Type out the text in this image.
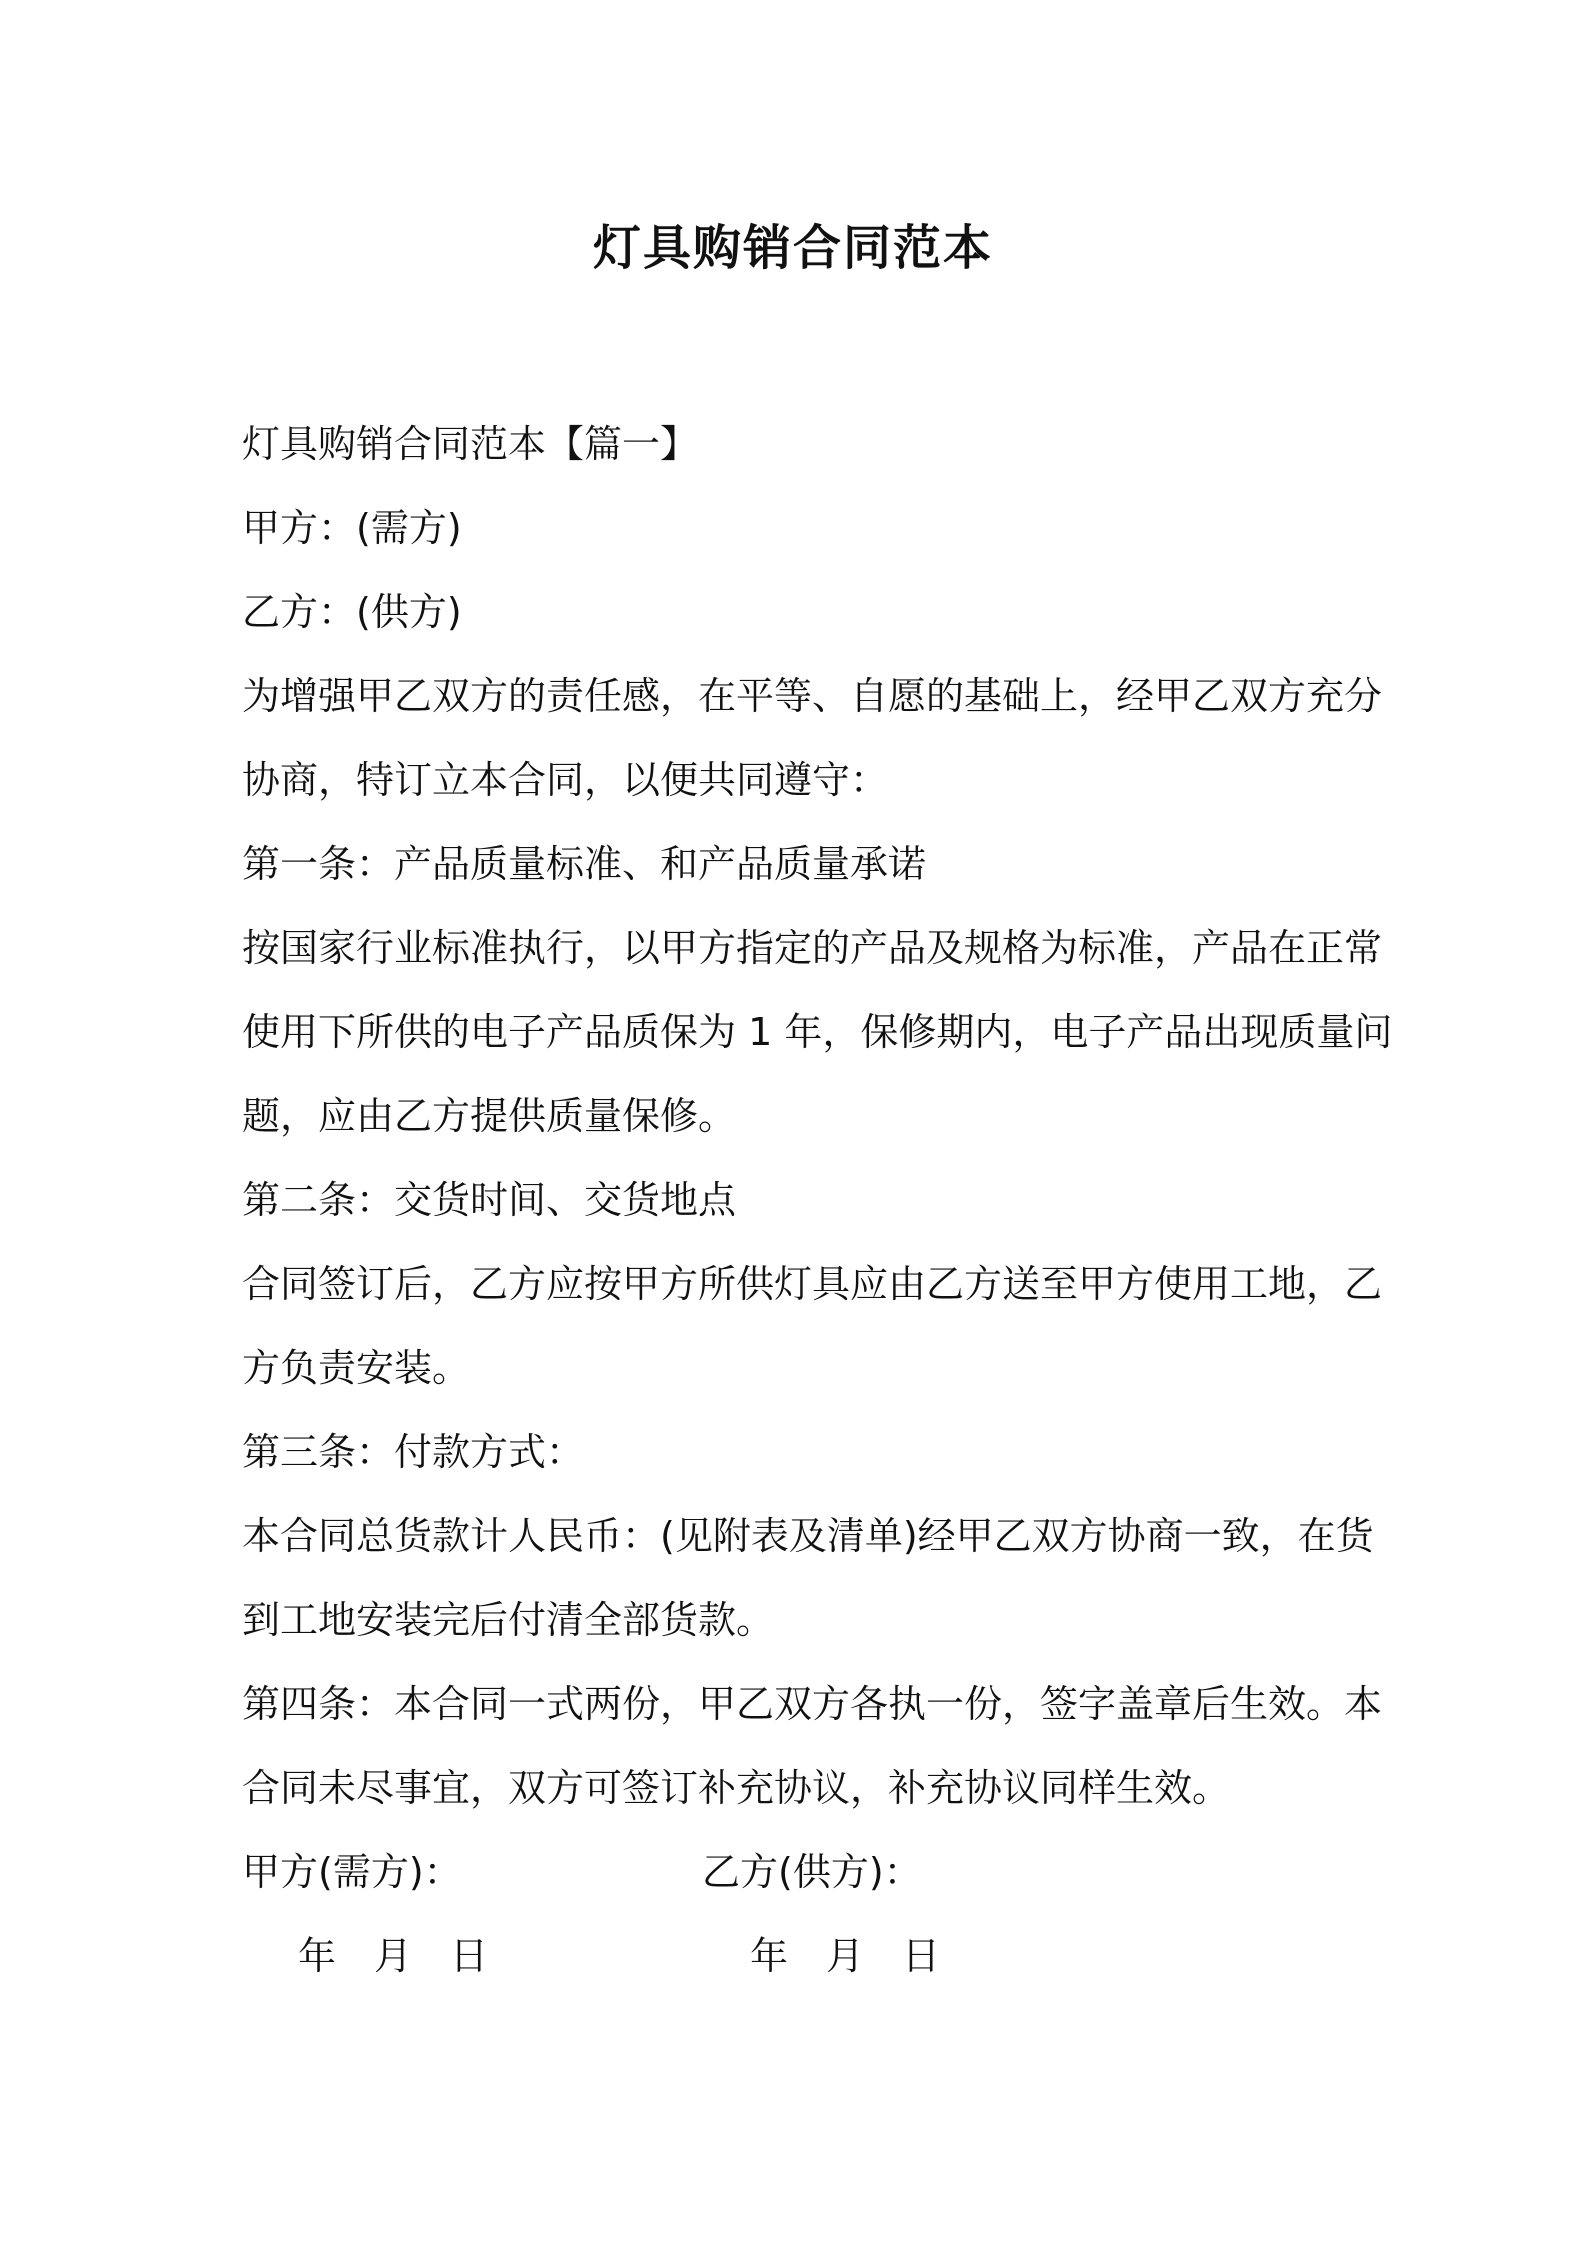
灯具购销合同范本
灯具购销合同范本【篇一】
甲方：(需方)
乙方：(供方)
为增强甲乙双方的责任感，在平等、自愿的基础上，经甲乙双方充分
协商，特订立本合同，以便共同遵守：
第一条：产品质量标准、和产品质量承诺
按国家行业标准执行，以甲方指定的产品及规格为标准，产品在正常
使用下所供的电子产品质保为 1 年，保修期内，电子产品出现质量问
题，应由乙方提供质量保修。
第二条：交货时间、交货地点
合同签订后，乙方应按甲方所供灯具应由乙方送至甲方使用工地，乙
方负责安装。
第三条：付款方式：
本合同总货款计人民币：(见附表及清单)经甲乙双方协商一致，在货
到工地安装完后付清全部货款。
第四条：本合同一式两份，甲乙双方各执一份，签字盖章后生效。本
合同未尽事宜，双方可签订补充协议，补充协议同样生效。
甲方(需方)：	乙方(供方)：
年 月 日	年 月 日
